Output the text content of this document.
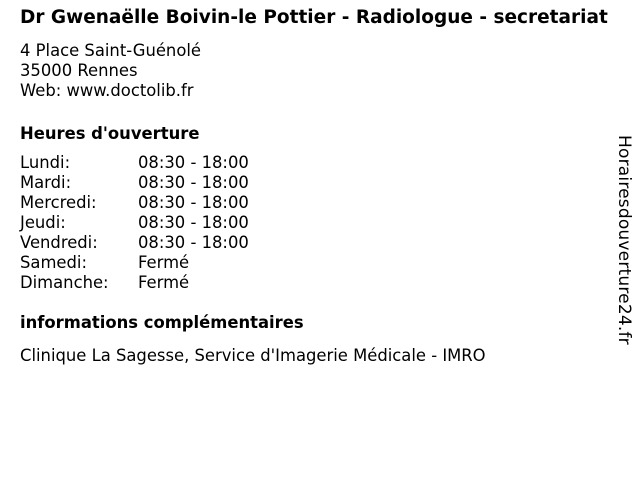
Dr Gwenaëlle Boivin-le Pottier - Radiologue - secretariat
4 Place Saint-Guénolé
35000 Rennes
Web: www.doctolib.fr
Heures d'ouverture
Lundi:	08:30 - 18:00
Mardi:	08:30 - 18:00
Mercredi:	08:30 - 18:00
Jeudi:	08:30 - 18:00
Vendredi:	08:30 - 18:00
Samedi:	Fermé
Dimanche:	Fermé
informations complémentaires
Clinique La Sagesse, Service d'Imagerie Médicale - IMRO
Horairesdouverture24.fr
